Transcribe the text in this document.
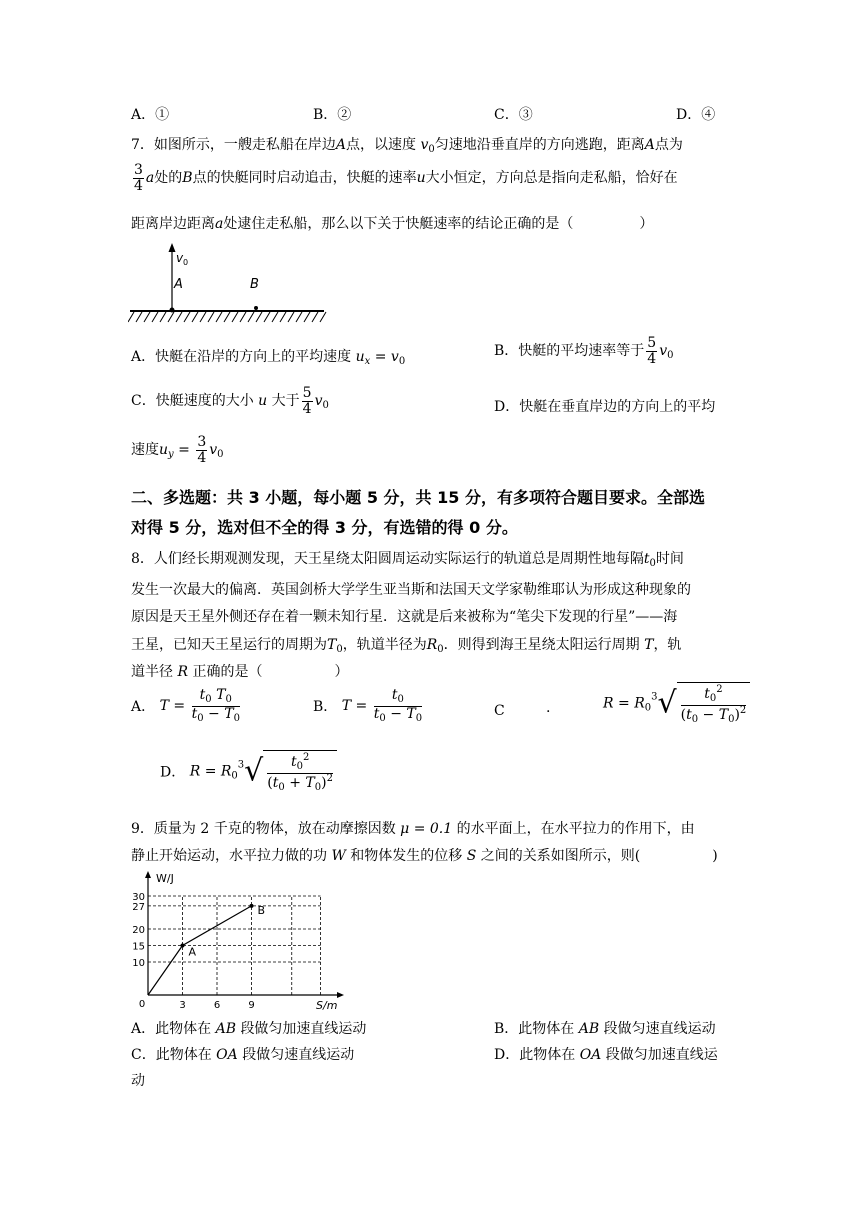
A．①	B．②	C．③	D．④
7．如图所示，一艘走私船在岸边A点，以速度 $v_0$匀速地沿垂直岸的方向逃跑，距离A点为
$\frac{3}{4}$ a处的B点的快艇同时启动追击，快艇的速率u大小恒定，方向总是指向走私船，恰好在
距离岸边距离a处逮住走私船，那么以下关于快艇速率的结论正确的是（	）
v 0
A	B
A．快艇在沿岸的方向上的平均速度 $u_x = v_0$
B．快艇的平均速率等于 $\frac{5}{4} v_0$
C．快艇速度的大小 u 大于 $\frac{5}{4} v_0$	D．快艇在垂直岸边的方向上的平均
速度$u_y = \frac{3}{4} v_0$
二、多选题：共 3 小题，每小题 5 分，共 15 分，有多项符合题目要求。全部选
对得 5 分，选对但不全的得 3 分，有选错的得 0 分。
8．人们经长期观测发现，天王星绕太阳圆周运动实际运行的轨道总是周期性地每隔$t_0$时间
发生一次最大的偏离．英国剑桥大学学生亚当斯和法国天文学家勒维耶认为形成这种现象的
原因是天王星外侧还存在着一颗未知行星．这就是后来被称为“笔尖下发现的行星”——海
王星，已知天王星运行的周期为$T_0$，轨道半径为$R_0$．则得到海王星绕太阳运行周期 T，轨
道半径 R 正确的是（	）
A． $T = \frac{t_0 T_0}{t_0 - T_0}$	B． $T = \frac{t_0}{t_0 - T_0}$	C	.	$R = R_0^3√ \frac{t_0^2}{(t_0 - T_0)^2}$
D． $R = R_0^3√ \frac{t_0^2}{(t_0 + T_0)^2}$
9．质量为 2 千克的物体，放在动摩擦因数 μ = 0.1 的水平面上，在水平拉力的作用下，由
静止开始运动，水平拉力做的功 W 和物体发生的位移 S 之间的关系如图所示，则(	)
W/J
S/m
10
15
20
27
30
3	6	9
0
A
B
A．此物体在 AB 段做匀加速直线运动	B．此物体在 AB 段做匀速直线运动
C．此物体在 OA 段做匀速直线运动	D．此物体在 OA 段做匀加速直线运
动
